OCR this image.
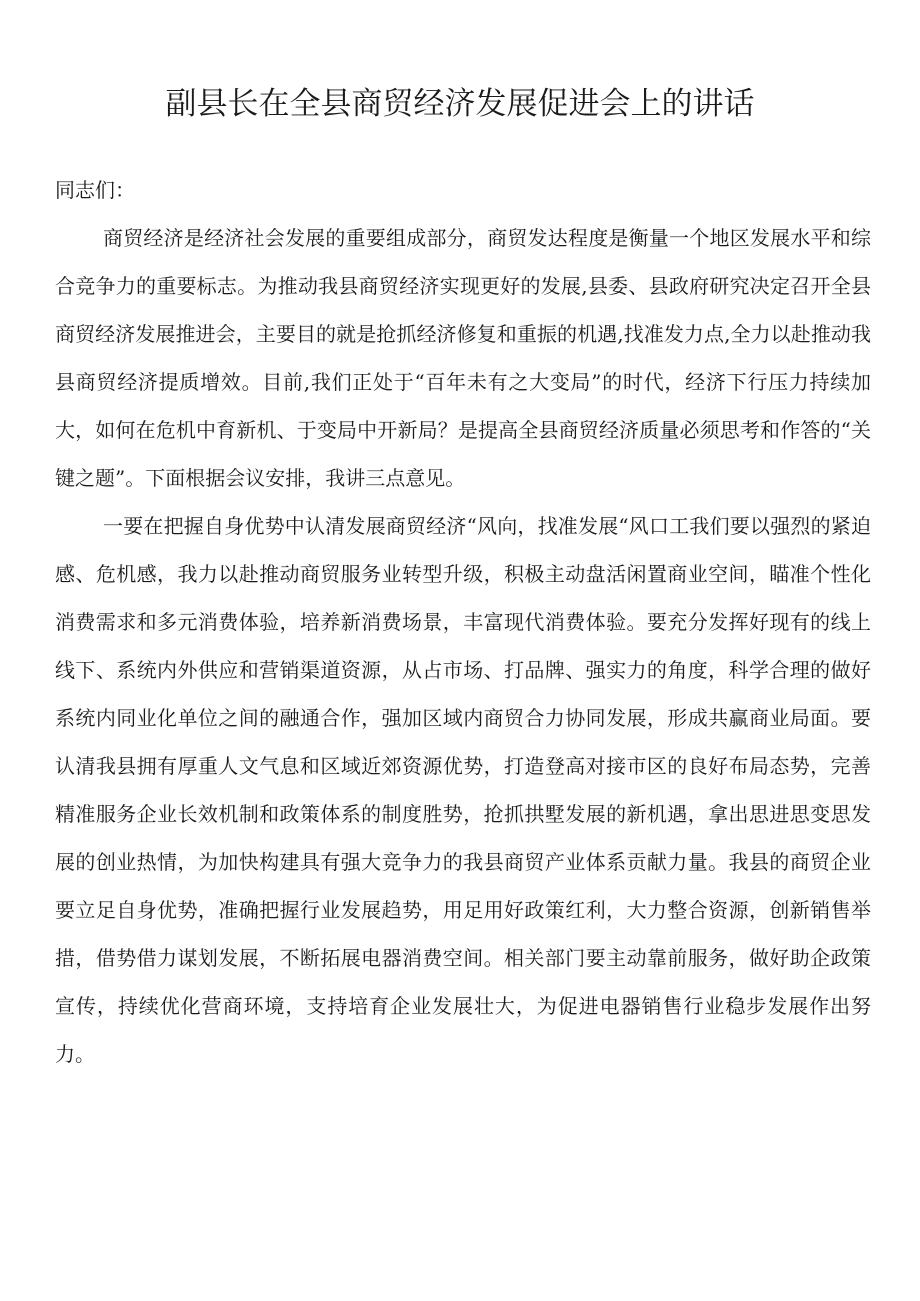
副县长在全县商贸经济发展促进会上的讲话

同志们：

商贸经济是经济社会发展的重要组成部分，商贸发达程度是衡量一个地区发展水平和综合竞争力的重要标志。为推动我县商贸经济实现更好的发展,县委、县政府研究决定召开全县商贸经济发展推进会，主要目的就是抢抓经济修复和重振的机遇,找准发力点,全力以赴推动我县商贸经济提质增效。目前,我们正处于“百年未有之大变局”的时代，经济下行压力持续加大，如何在危机中育新机、于变局中开新局？是提高全县商贸经济质量必须思考和作答的“关键之题”。下面根据会议安排，我讲三点意见。

一要在把握自身优势中认清发展商贸经济“风向，找准发展“风口工我们要以强烈的紧迫感、危机感，我力以赴推动商贸服务业转型升级，积极主动盘活闲置商业空间，瞄准个性化消费需求和多元消费体验，培养新消费场景，丰富现代消费体验。要充分发挥好现有的线上线下、系统内外供应和营销渠道资源，从占市场、打品牌、强实力的角度，科学合理的做好系统内同业化单位之间的融通合作，强加区域内商贸合力协同发展，形成共赢商业局面。要认清我县拥有厚重人文气息和区域近郊资源优势，打造登高对接市区的良好布局态势，完善精准服务企业长效机制和政策体系的制度胜势，抢抓拱墅发展的新机遇，拿出思进思变思发展的创业热情，为加快构建具有强大竞争力的我县商贸产业体系贡献力量。我县的商贸企业要立足自身优势，准确把握行业发展趋势，用足用好政策红利，大力整合资源，创新销售举措，借势借力谋划发展，不断拓展电器消费空间。相关部门要主动靠前服务，做好助企政策宣传，持续优化营商环境，支持培育企业发展壮大，为促进电器销售行业稳步发展作出努力。
